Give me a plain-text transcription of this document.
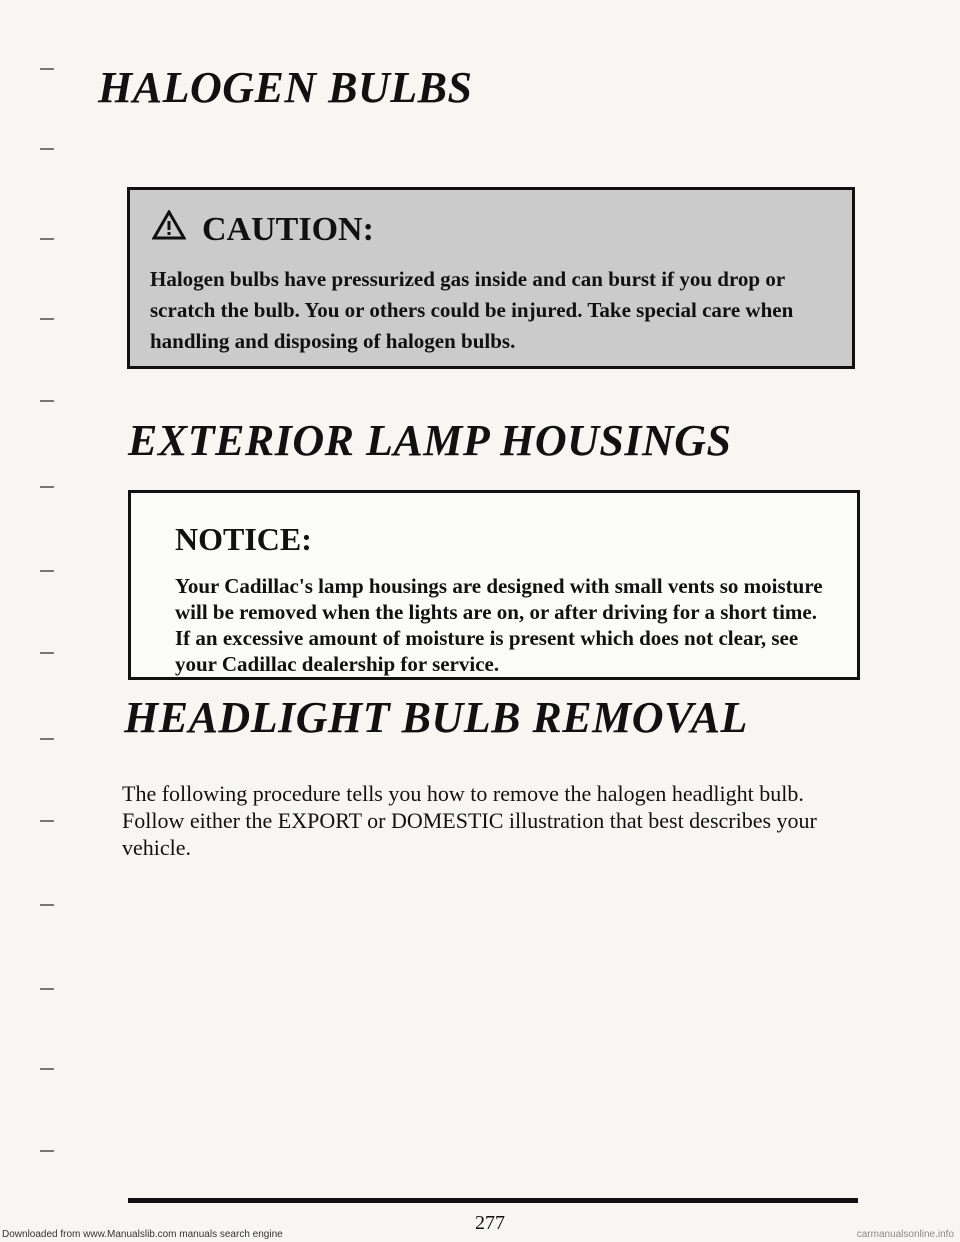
HALOGEN BULBS
CAUTION:
Halogen bulbs have pressurized gas inside and can burst if you drop or scratch the bulb. You or others could be injured. Take special care when handling and disposing of halogen bulbs.
EXTERIOR LAMP HOUSINGS
NOTICE:
Your Cadillac's lamp housings are designed with small vents so moisture will be removed when the lights are on, or after driving for a short time. If an excessive amount of moisture is present which does not clear, see your Cadillac dealership for service.
HEADLIGHT BULB REMOVAL
The following procedure tells you how to remove the halogen headlight bulb. Follow either the EXPORT or DOMESTIC illustration that best describes your vehicle.
277
Downloaded from www.Manualslib.com manuals search engine	carmanualsonline.info
